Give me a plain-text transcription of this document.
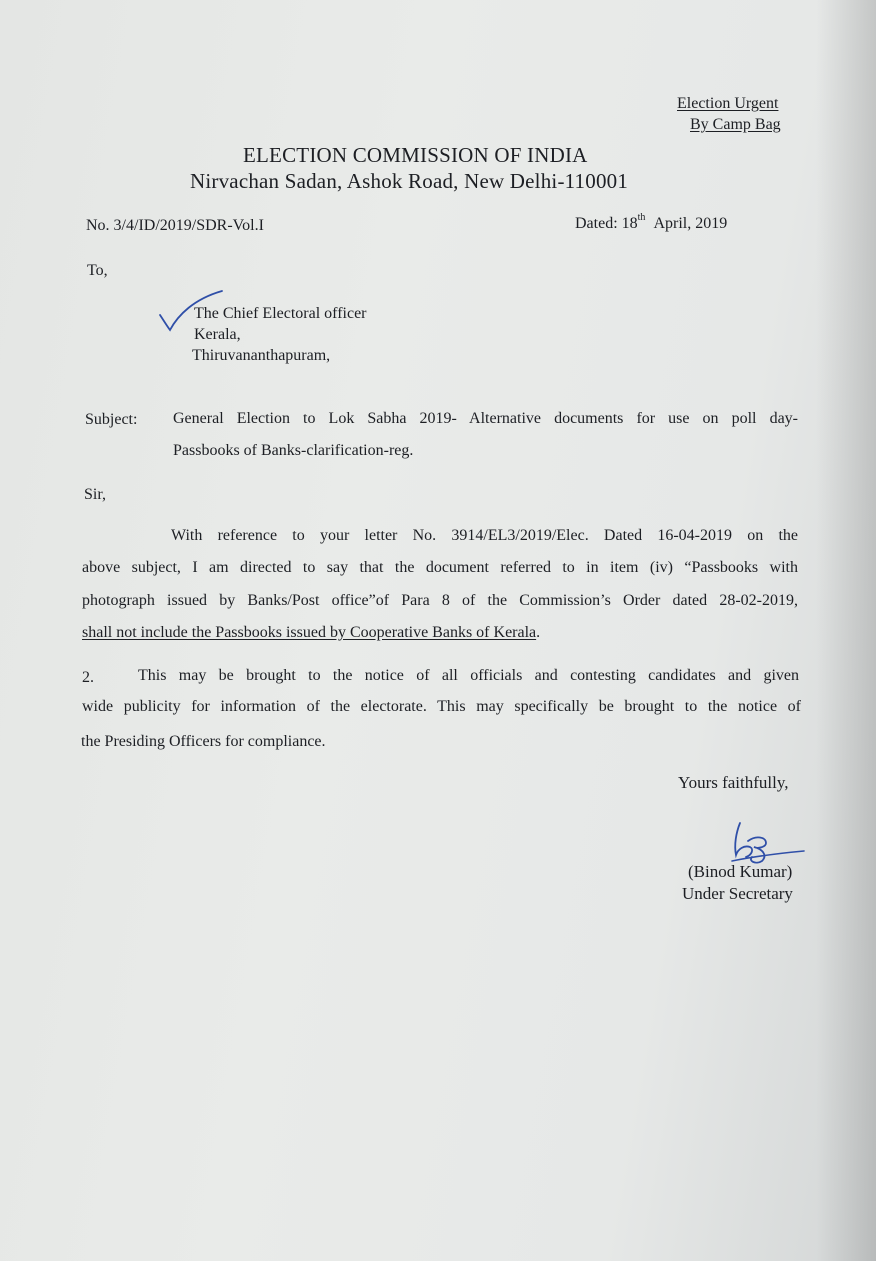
Election Urgent
By Camp Bag
ELECTION COMMISSION OF INDIA
Nirvachan Sadan, Ashok Road, New Delhi-110001
No. 3/4/ID/2019/SDR-Vol.I	Dated: 18th April, 2019
To,
The Chief Electoral officer
Kerala,
Thiruvananthapuram,
Subject: General Election to Lok Sabha 2019- Alternative documents for use on poll day-
Passbooks of Banks-clarification-reg.
Sir,
With reference to your letter No. 3914/EL3/2019/Elec. Dated 16-04-2019 on the
above subject, I am directed to say that the document referred to in item (iv) “Passbooks with
photograph issued by Banks/Post office”of Para 8 of the Commission’s Order dated 28-02-2019,
shall not include the Passbooks issued by Cooperative Banks of Kerala.
2.	This may be brought to the notice of all officials and contesting candidates and given
wide publicity for information of the electorate. This may specifically be brought to the notice of
the Presiding Officers for compliance.
Yours faithfully,
(Binod Kumar)
Under Secretary
